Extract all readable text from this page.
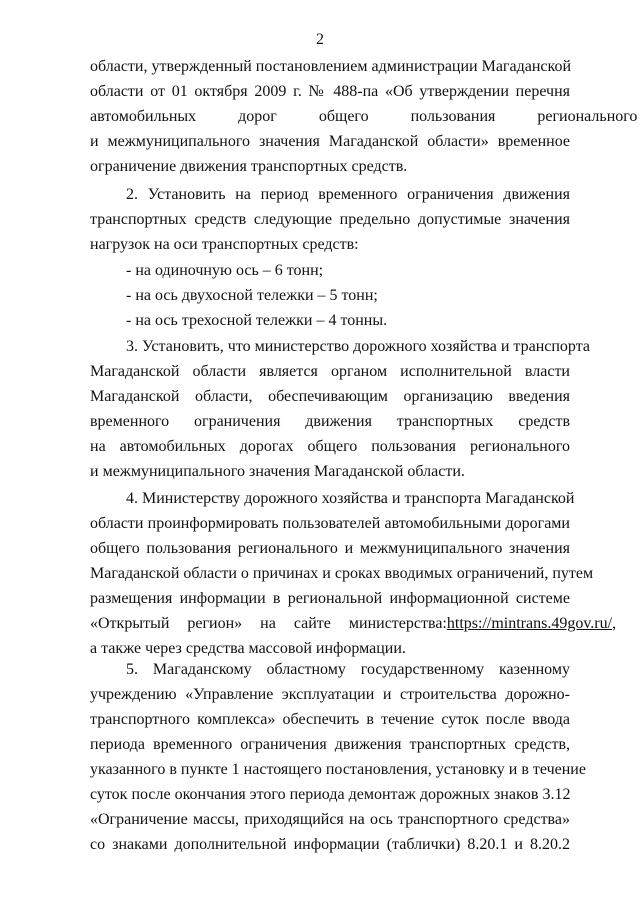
2
области, утвержденный постановлением администрации Магаданской
области от 01 октября 2009 г. № 488-па «Об утверждении перечня
автомобильных дорог общего пользования регионального
и межмуниципального значения Магаданской области» временное
ограничение движения транспортных средств.
2. Установить на период временного ограничения движения
транспортных средств следующие предельно допустимые значения
нагрузок на оси транспортных средств:
- на одиночную ось – 6 тонн;
- на ось двухосной тележки – 5 тонн;
- на ось трехосной тележки – 4 тонны.
3. Установить, что министерство дорожного хозяйства и транспорта
Магаданской области является органом исполнительной власти
Магаданской области, обеспечивающим организацию введения
временного ограничения движения транспортных средств
на автомобильных дорогах общего пользования регионального
и межмуниципального значения Магаданской области.
4. Министерству дорожного хозяйства и транспорта Магаданской
области проинформировать пользователей автомобильными дорогами
общего пользования регионального и межмуниципального значения
Магаданской области о причинах и сроках вводимых ограничений, путем
размещения информации в региональной информационной системе
«Открытый регион» на сайте министерства: https://mintrans.49gov.ru/,
а также через средства массовой информации.
5. Магаданскому областному государственному казенному
учреждению «Управление эксплуатации и строительства дорожно-
транспортного комплекса» обеспечить в течение суток после ввода
периода временного ограничения движения транспортных средств,
указанного в пункте 1 настоящего постановления, установку и в течение
суток после окончания этого периода демонтаж дорожных знаков 3.12
«Ограничение массы, приходящийся на ось транспортного средства»
со знаками дополнительной информации (таблички) 8.20.1 и 8.20.2
